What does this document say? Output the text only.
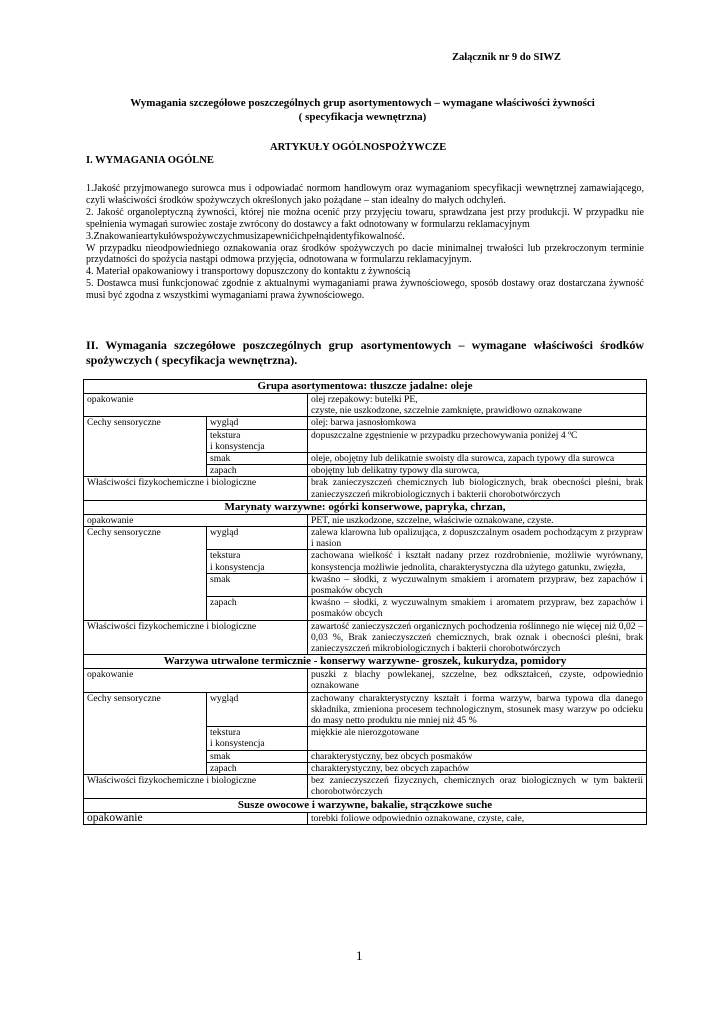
Załącznik nr 9 do SIWZ
Wymagania szczegółowe poszczególnych grup asortymentowych – wymagane właściwości żywności
( specyfikacja wewnętrzna)
ARTYKUŁY OGÓLNOSPOŻYWCZE
I. WYMAGANIA OGÓLNE

1.Jakość przyjmowanego surowca mus i odpowiadać normom handlowym oraz wymaganiom specyfikacji wewnętrznej zamawiającego, czyli właściwości środków spożywczych określonych jako pożądane – stan idealny do małych odchyleń.

2. Jakość organoleptyczną żywności, której nie można ocenić przy przyjęciu towaru, sprawdzana jest przy produkcji. W przypadku nie spełnienia wymagań surowiec zostaje zwrócony do dostawcy a fakt odnotowany w formularzu reklamacyjnym

3.Znakowanieartykułówspożywczychmusizapewnićichpełnąidentyfikowalność.

W przypadku nieodpowiedniego oznakowania oraz środków spożywczych po dacie minimalnej trwałości lub przekroczonym terminie przydatności do spożycia nastąpi odmowa przyjęcia, odnotowana w formularzu reklamacyjnym.

4. Materiał opakowaniowy i transportowy dopuszczony do kontaktu z żywnością

5. Dostawca musi funkcjonować zgodnie z aktualnymi wymaganiami prawa żywnościowego, sposób dostawy oraz dostarczana żywność musi być zgodna z wszystkimi wymaganiami prawa żywnościowego.

II. Wymagania szczegółowe poszczególnych grup asortymentowych – wymagane właściwości środków spożywczych ( specyfikacja wewnętrzna).
Grupa asortymentowa: tłuszcze jadalne: oleje		
opakowanie		olej rzepakowy: butelki PE,
czyste, nie uszkodzone, szczelnie zamknięte, prawidłowo oznakowane

Cechy sensoryczne	wygląd	olej: barwa jasnosłomkowa

	tekstura
i konsystencja	dopuszczalne zgęstnienie w przypadku przechowywania poniżej 4 ºC
	smak	oleje, obojętny lub delikatnie swoisty dla surowca, zapach typowy dla surowca
	zapach	obojętny lub delikatny typowy dla surowca,
Właściwości fizykochemiczne i biologiczne		brak zanieczyszczeń chemicznych lub biologicznych, brak obecności pleśni, brak zanieczyszczeń mikrobiologicznych i bakterii chorobotwórczych
Marynaty warzywne: ogórki konserwowe, papryka, chrzan,		
opakowanie		PET, nie uszkodzone, szczelne, właściwie oznakowane, czyste.
Cechy sensoryczne	wygląd	zalewa klarowna lub opalizująca, z dopuszczalnym osadem pochodzącym z przypraw i nasion

	tekstura
i konsystencja	zachowana wielkość i kształt nadany przez rozdrobnienie, możliwie wyrównany, konsystencja możliwie jednolita, charakterystyczna dla użytego gatunku, zwięzła,
	smak	kwaśno – słodki, z wyczuwalnym smakiem i aromatem przypraw, bez zapachów i posmaków obcych
	zapach	kwaśno – słodki, z wyczuwalnym smakiem i aromatem przypraw, bez zapachów i posmaków obcych
Właściwości fizykochemiczne i biologiczne		zawartość zanieczyszczeń organicznych pochodzenia roślinnego nie więcej niż 0,02 – 0,03 %, Brak zanieczyszczeń chemicznych, brak oznak i obecności pleśni, brak zanieczyszczeń mikrobiologicznych i bakterii chorobotwórczych
Warzywa utrwalone termicznie - konserwy warzywne- groszek, kukurydza, pomidory		
opakowanie		puszki z blachy powlekanej, szczelne, bez odkształceń, czyste, odpowiednio oznakowane
Cechy sensoryczne	wygląd	zachowany charakterystyczny kształt i forma warzyw, barwa typowa dla danego składnika, zmieniona procesem technologicznym, stosunek masy warzyw po odcieku do masy netto produktu nie mniej niż 45 %

	tekstura
i konsystencja	miękkie ale nierozgotowane
	smak	charakterystyczny, bez obcych posmaków
	zapach	charakterystyczny, bez obcych zapachów
Właściwości fizykochemiczne i biologiczne		bez zanieczyszczeń fizycznych, chemicznych oraz biologicznych w tym bakterii chorobotwórczych
Susze owocowe i warzywne, bakalie, strączkowe suche		
opakowanie		torebki foliowe odpowiednio oznakowane, czyste, całe,
1
